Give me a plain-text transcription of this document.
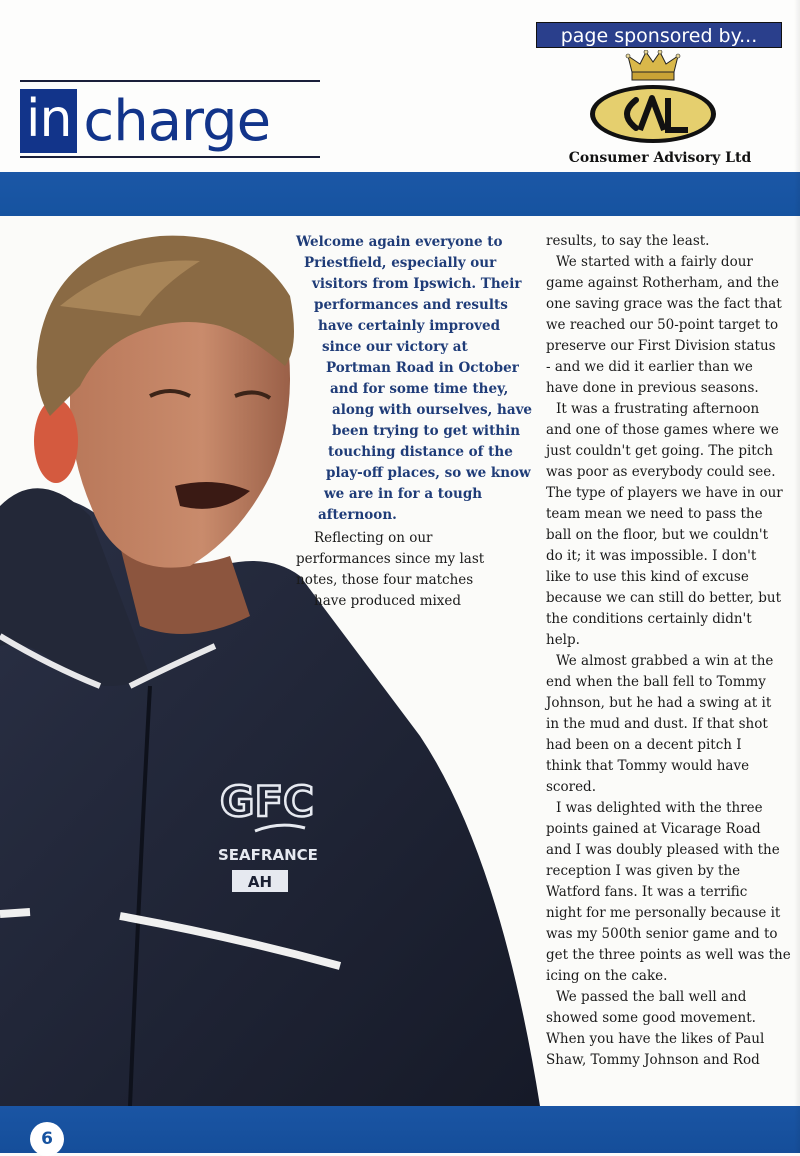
in charge
page sponsored by...
CAL
Consumer Advisory Ltd
GFC
SEAFRANCE
AH
Welcome again everyone to
Priestfield, especially our
visitors from Ipswich. Their
performances and results
have certainly improved
since our victory at
Portman Road in October
and for some time they,
along with ourselves, have
been trying to get within
touching distance of the
play-off places, so we know
we are in for a tough
afternoon.
Reflecting on our
performances since my last
notes, those four matches
have produced mixed
results, to say the least.
We started with a fairly dour
game against Rotherham, and the
one saving grace was the fact that
we reached our 50-point target to
preserve our First Division status
- and we did it earlier than we
have done in previous seasons.
It was a frustrating afternoon
and one of those games where we
just couldn't get going. The pitch
was poor as everybody could see.
The type of players we have in our
team mean we need to pass the
ball on the floor, but we couldn't
do it; it was impossible. I don't
like to use this kind of excuse
because we can still do better, but
the conditions certainly didn't
help.
We almost grabbed a win at the
end when the ball fell to Tommy
Johnson, but he had a swing at it
in the mud and dust. If that shot
had been on a decent pitch I
think that Tommy would have
scored.
I was delighted with the three
points gained at Vicarage Road
and I was doubly pleased with the
reception I was given by the
Watford fans. It was a terrific
night for me personally because it
was my 500th senior game and to
get the three points as well was the
icing on the cake.
We passed the ball well and
showed some good movement.
When you have the likes of Paul
Shaw, Tommy Johnson and Rod
6
